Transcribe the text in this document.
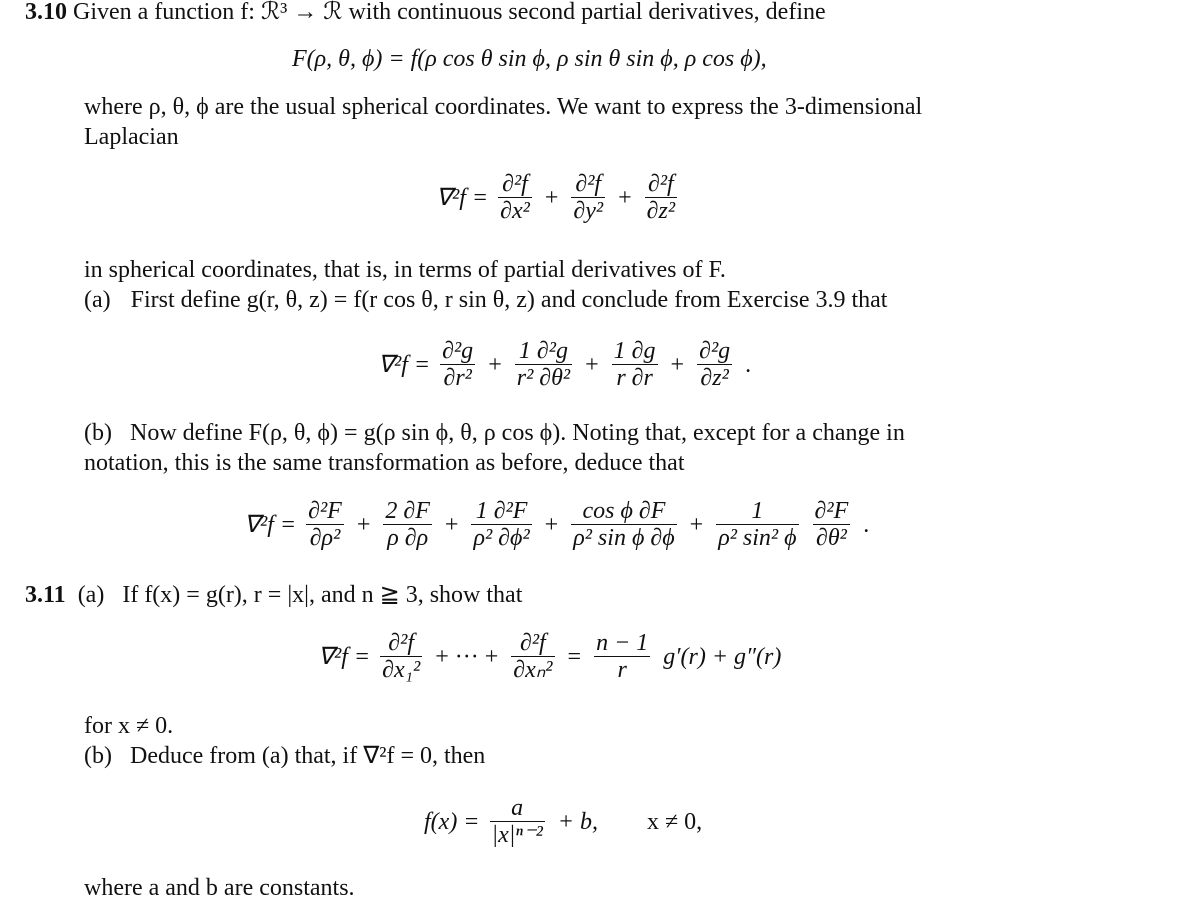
3.10 Given a function f: ℛ³ → ℛ with continuous second partial derivatives, define
F(ρ, θ, ϕ) = f(ρ cos θ sin ϕ, ρ sin θ sin ϕ, ρ cos ϕ),
where ρ, θ, ϕ are the usual spherical coordinates. We want to express the 3-dimensional
Laplacian
$\nabla^2f = \frac{\text{∂²f}}{\text{∂x²}} + \frac{\text{∂²f}}{\text{∂y²}} + \frac{\text{∂²f}}{\text{∂z²}}$
in spherical coordinates, that is, in terms of partial derivatives of F.
(a) First define g(r, θ, z) = f(r cos θ, r sin θ, z) and conclude from Exercise 3.9 that
$\nabla^2f = \frac{\text{∂²g}}{\text{∂r²}} + \frac{\text{1 ∂²g}}{\text{r² ∂θ²}} + \frac{1 \partial g}{r \partial r} + \frac{\text{∂²g}}{\text{∂z²}}$ .
(b) Now define F(ρ, θ, ϕ) = g(ρ sin ϕ, θ, ρ cos ϕ). Noting that, except for a change in
notation, this is the same transformation as before, deduce that
$\nabla^2f = \frac{\text{∂²F}}{\text{∂ρ²}} + \frac{2 \partial F}{\rho \partial\rho} + \frac{\text{1 ∂²F}}{\text{ρ² ∂ϕ²}} + \frac{\text{cos ϕ ∂F}}{\text{ρ² sin ϕ ∂ϕ}} + \frac{1}{\text{ρ² sin² ϕ}}$
$\frac{\text{∂²F}}{\text{∂θ²}}$ .
3.11 (a) If f(x) = g(r), r = |x|, and n ≧ 3, show that
$\nabla^2f = \frac{\text{∂²f}}{\text{∂x₁²}}$ + ··· + $\frac{\text{∂²f}}{\text{∂xₙ²}} = \frac{n - 1}{r} g'(r) + g''(r)$
for x ≠ 0.
(b) Deduce from (a) that, if ∇²f = 0, then
$f(x) = \frac{a}{\text{|x|ⁿ⁻²}} + b$, x ≠ 0,
where a and b are constants.
